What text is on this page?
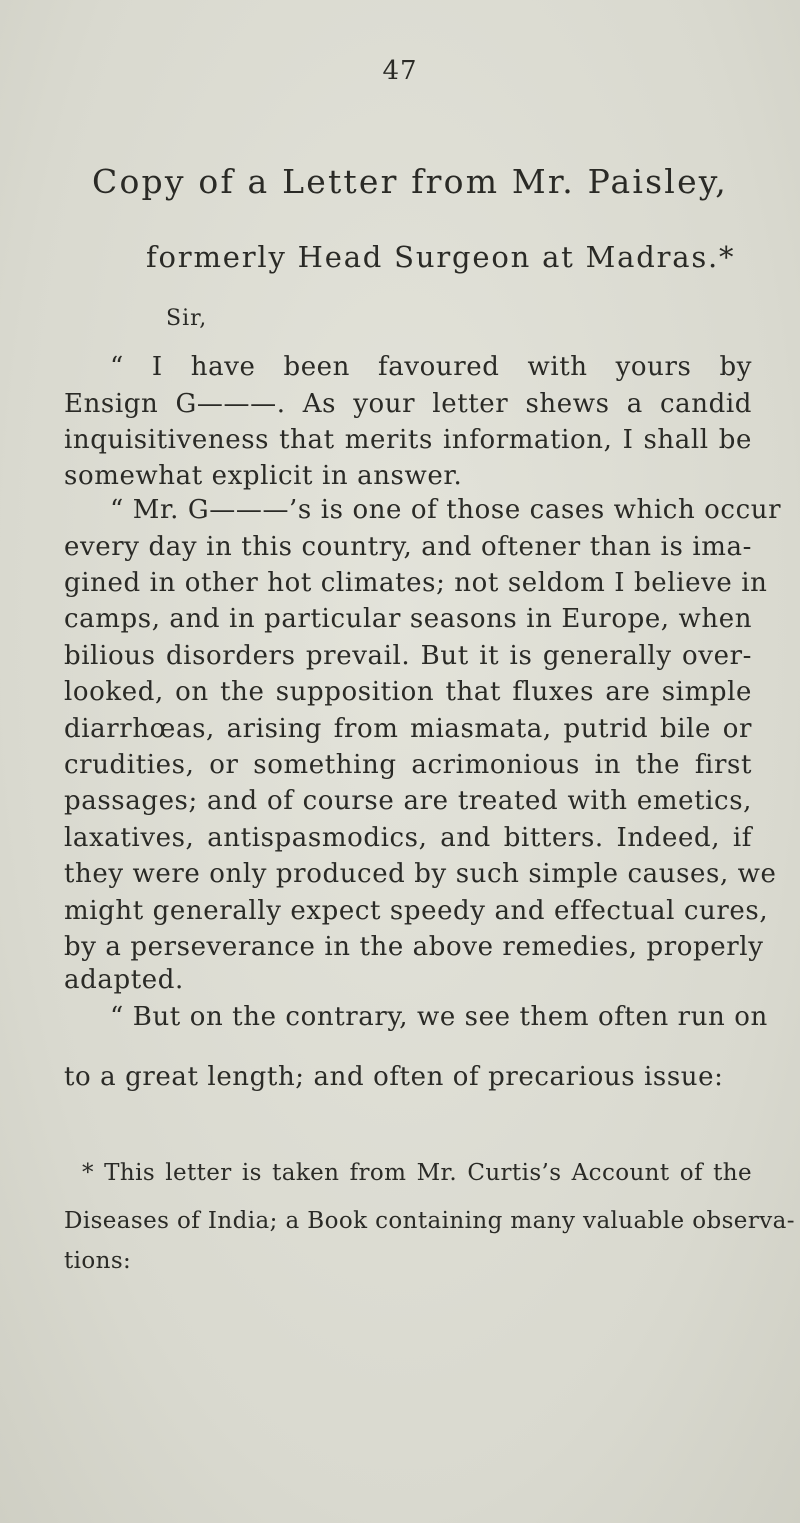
47
Copy of a Letter from Mr. Paisley,
formerly Head Surgeon at Madras.*
Sir,
“ I have been favoured with yours by
Ensign G———. As your letter shews a candid
inquisitiveness that merits information, I shall be
somewhat explicit in answer.
“ Mr. G———’s is one of those cases which occur
every day in this country, and oftener than is ima-
gined in other hot climates; not seldom I believe in
camps, and in particular seasons in Europe, when
bilious disorders prevail. But it is generally over-
looked, on the supposition that fluxes are simple
diarrhœas, arising from miasmata, putrid bile or
crudities, or something acrimonious in the first
passages; and of course are treated with emetics,
laxatives, antispasmodics, and bitters. Indeed, if
they were only produced by such simple causes, we
might generally expect speedy and effectual cures,
by a perseverance in the above remedies, properly
adapted.
“ But on the contrary, we see them often run on
to a great length; and often of precarious issue:
* This letter is taken from Mr. Curtis’s Account of the
Diseases of India; a Book containing many valuable observa-
tions:
